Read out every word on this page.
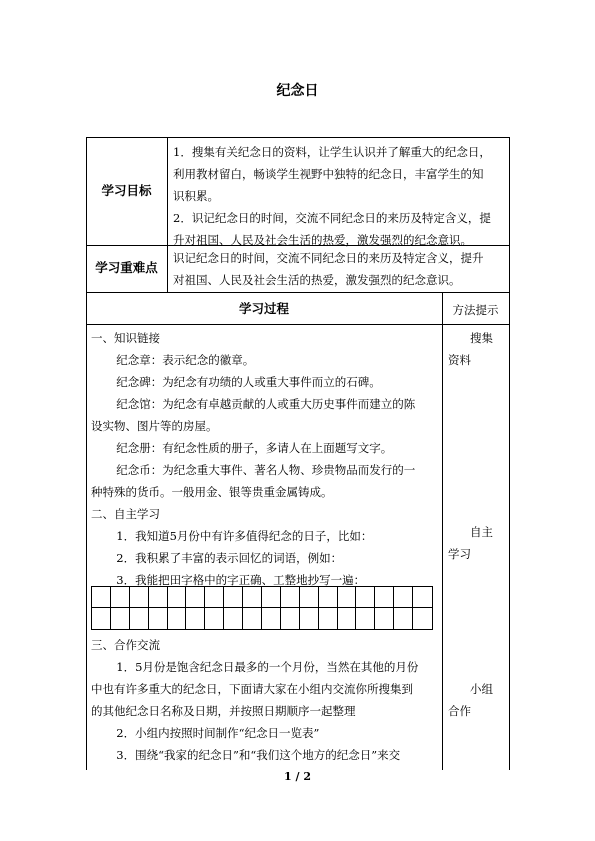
纪念日
学习目标
1．搜集有关纪念日的资料，让学生认识并了解重大的纪念日，
利用教材留白，畅谈学生视野中独特的纪念日，丰富学生的知
识积累。
2．识记纪念日的时间，交流不同纪念日的来历及特定含义，提
升对祖国、人民及社会生活的热爱，激发强烈的纪念意识。
学习重难点
识记纪念日的时间，交流不同纪念日的来历及特定含义，提升
对祖国、人民及社会生活的热爱，激发强烈的纪念意识。
学习过程	方法提示
一、知识链接
纪念章：表示纪念的徽章。
纪念碑：为纪念有功绩的人或重大事件而立的石碑。
纪念馆：为纪念有卓越贡献的人或重大历史事件而建立的陈
设实物、图片等的房屋。
纪念册：有纪念性质的册子，多请人在上面题写文字。
纪念币：为纪念重大事件、著名人物、珍贵物品而发行的一
种特殊的货币。一般用金、银等贵重金属铸成。
二、自主学习
1．我知道5月份中有许多值得纪念的日子，比如：
2．我积累了丰富的表示回忆的词语，例如：
3．我能把田字格中的字正确、工整地抄写一遍：
三、合作交流
1．5月份是饱含纪念日最多的一个月份，当然在其他的月份
中也有许多重大的纪念日，下面请大家在小组内交流你所搜集到
的其他纪念日名称及日期，并按照日期顺序一起整理
2．小组内按照时间制作“纪念日一览表”
3．围绕“我家的纪念日”和“我们这个地方的纪念日”来交
搜集
资料
自主
学习
小组
合作
1 / 2
